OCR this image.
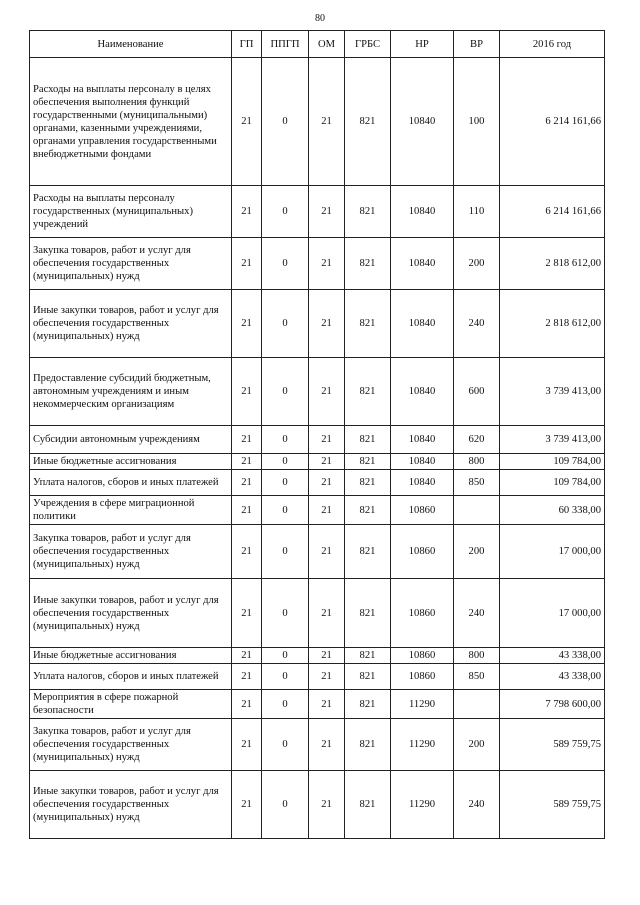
80
Наименование	ГП	ППГП	ОМ	ГРБС	НР	ВР	2016 год
Расходы на выплаты персоналу в целях обеспечения выполнения функций государственными (муниципальными) органами, казенными учреждениями, органами управления государственными внебюджетными фондами	21	0	21	821	10840	100	6 214 161,66
Расходы на выплаты персоналу государственных (муниципальных) учреждений	21	0	21	821	10840	110	6 214 161,66
Закупка товаров, работ и услуг для обеспечения государственных (муниципальных) нужд	21	0	21	821	10840	200	2 818 612,00
Иные закупки товаров, работ и услуг для обеспечения государственных (муниципальных) нужд	21	0	21	821	10840	240	2 818 612,00
Предоставление субсидий бюджетным, автономным учреждениям и иным некоммерческим организациям	21	0	21	821	10840	600	3 739 413,00
Субсидии автономным учреждениям	21	0	21	821	10840	620	3 739 413,00
Иные бюджетные ассигнования	21	0	21	821	10840	800	109 784,00
Уплата налогов, сборов и иных платежей	21	0	21	821	10840	850	109 784,00
Учреждения в сфере миграционной политики	21	0	21	821	10860		60 338,00
Закупка товаров, работ и услуг для обеспечения государственных (муниципальных) нужд	21	0	21	821	10860	200	17 000,00
Иные закупки товаров, работ и услуг для обеспечения государственных (муниципальных) нужд	21	0	21	821	10860	240	17 000,00
Иные бюджетные ассигнования	21	0	21	821	10860	800	43 338,00
Уплата налогов, сборов и иных платежей	21	0	21	821	10860	850	43 338,00
Мероприятия в сфере пожарной безопасности	21	0	21	821	11290		7 798 600,00
Закупка товаров, работ и услуг для обеспечения государственных (муниципальных) нужд	21	0	21	821	11290	200	589 759,75
Иные закупки товаров, работ и услуг для обеспечения государственных (муниципальных) нужд	21	0	21	821	11290	240	589 759,75
